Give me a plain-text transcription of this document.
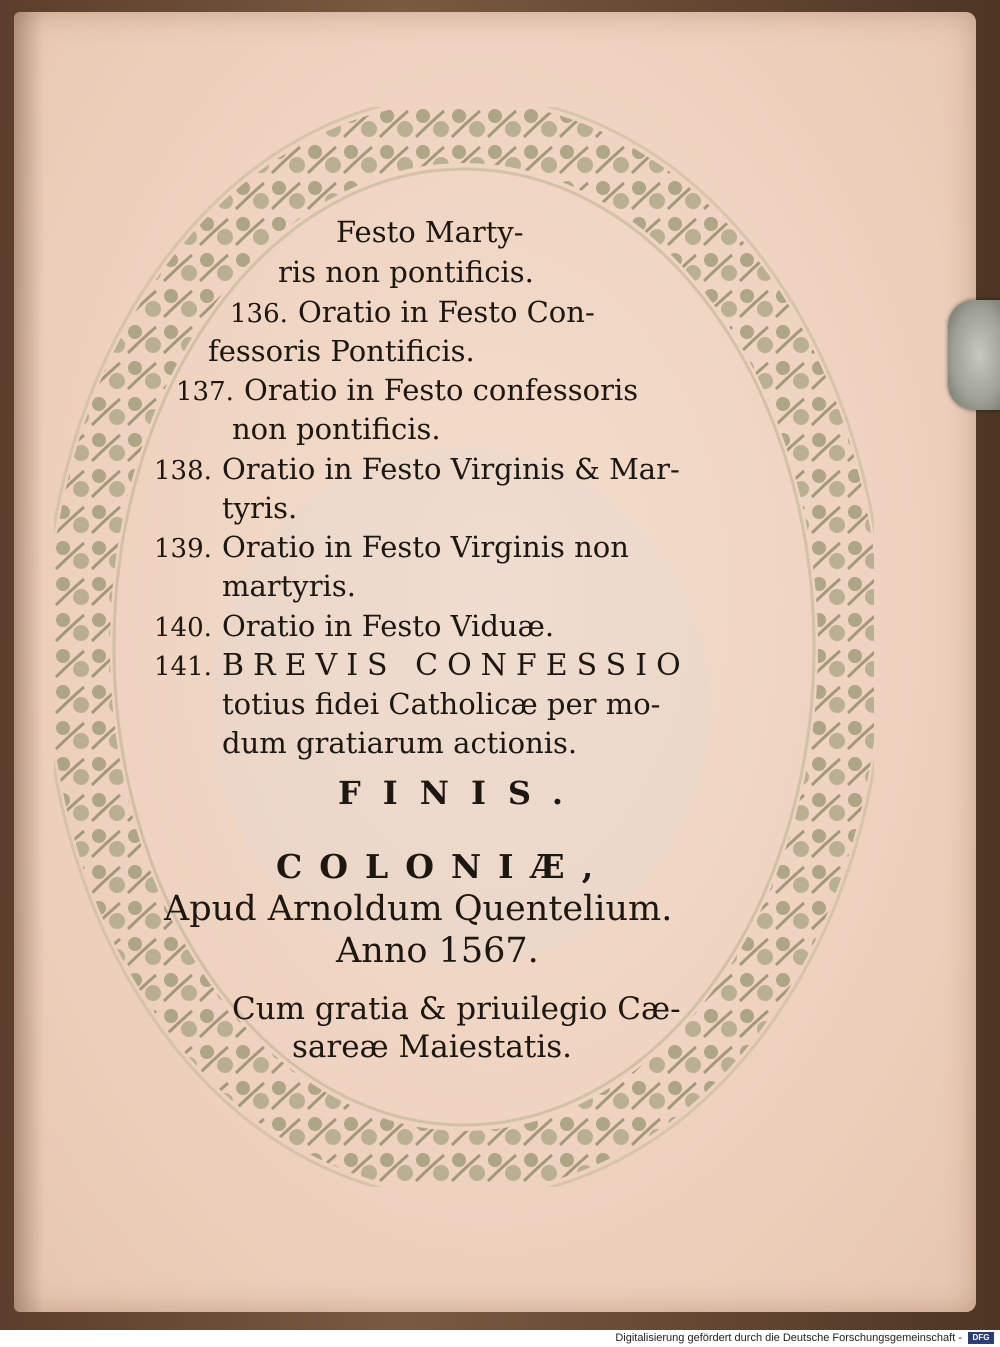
Festo Marty-
ris non pontificis.
136. Oratio in Festo Con-
fessoris Pontificis.
137. Oratio in Festo confessoris
non pontificis.
138. Oratio in Festo Virginis & Mar-
tyris.
139. Oratio in Festo Virginis non
martyris.
140. Oratio in Festo Viduæ.
141. BREVIS CONFESSIO
totius fidei Catholicæ per mo-
dum gratiarum actionis.
FINIS.
COLONIÆ,
Apud Arnoldum Quentelium.
Anno 1567.
Cum gratia & priuilegio Cæ-
sareæ Maiestatis.
Digitalisierung gefördert durch die Deutsche Forschungsgemeinschaft -	DFG
